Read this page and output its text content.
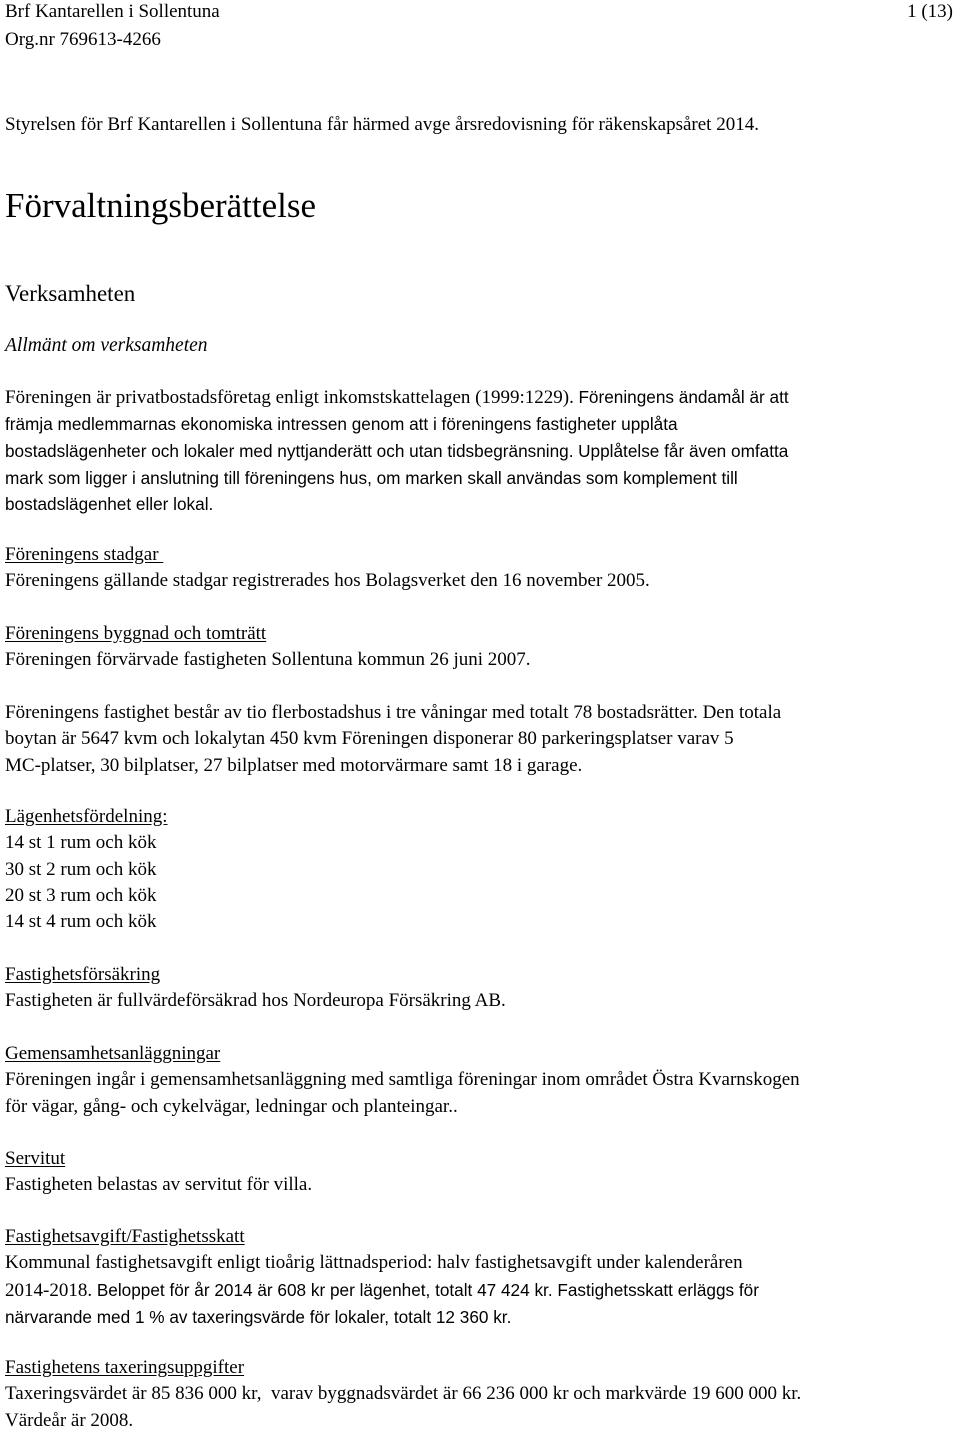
Brf Kantarellen i Sollentuna
Org.nr 769613-4266
1 (13)
Styrelsen för Brf Kantarellen i Sollentuna får härmed avge årsredovisning för räkenskapsåret 2014.
Förvaltningsberättelse
Verksamheten
Allmänt om verksamheten
Föreningen är privatbostadsföretag enligt inkomstskattelagen (1999:1229). Föreningens ändamål är att
främja medlemmarnas ekonomiska intressen genom att i föreningens fastigheter upplåta
bostadslägenheter och lokaler med nyttjanderätt och utan tidsbegränsning. Upplåtelse får även omfatta
mark som ligger i anslutning till föreningens hus, om marken skall användas som komplement till
bostadslägenhet eller lokal.
Föreningens stadgar
Föreningens gällande stadgar registrerades hos Bolagsverket den 16 november 2005.
Föreningens byggnad och tomträtt
Föreningen förvärvade fastigheten Sollentuna kommun 26 juni 2007.
Föreningens fastighet består av tio flerbostadshus i tre våningar med totalt 78 bostadsrätter. Den totala
boytan är 5647 kvm och lokalytan 450 kvm Föreningen disponerar 80 parkeringsplatser varav 5
MC-platser, 30 bilplatser, 27 bilplatser med motorvärmare samt 18 i garage.
Lägenhetsfördelning:
14 st 1 rum och kök
30 st 2 rum och kök
20 st 3 rum och kök
14 st 4 rum och kök
Fastighetsförsäkring
Fastigheten är fullvärdeförsäkrad hos Nordeuropa Försäkring AB.
Gemensamhetsanläggningar
Föreningen ingår i gemensamhetsanläggning med samtliga föreningar inom området Östra Kvarnskogen
för vägar, gång- och cykelvägar, ledningar och planteingar..
Servitut
Fastigheten belastas av servitut för villa.
Fastighetsavgift/Fastighetsskatt
Kommunal fastighetsavgift enligt tioårig lättnadsperiod: halv fastighetsavgift under kalenderåren
2014-2018. Beloppet för år 2014 är 608 kr per lägenhet, totalt 47 424 kr. Fastighetsskatt erläggs för
närvarande med 1 % av taxeringsvärde för lokaler, totalt 12 360 kr.
Fastighetens taxeringsuppgifter
Taxeringsvärdet är 85 836 000 kr,  varav byggnadsvärdet är 66 236 000 kr och markvärde 19 600 000 kr.
Värdeår är 2008.
